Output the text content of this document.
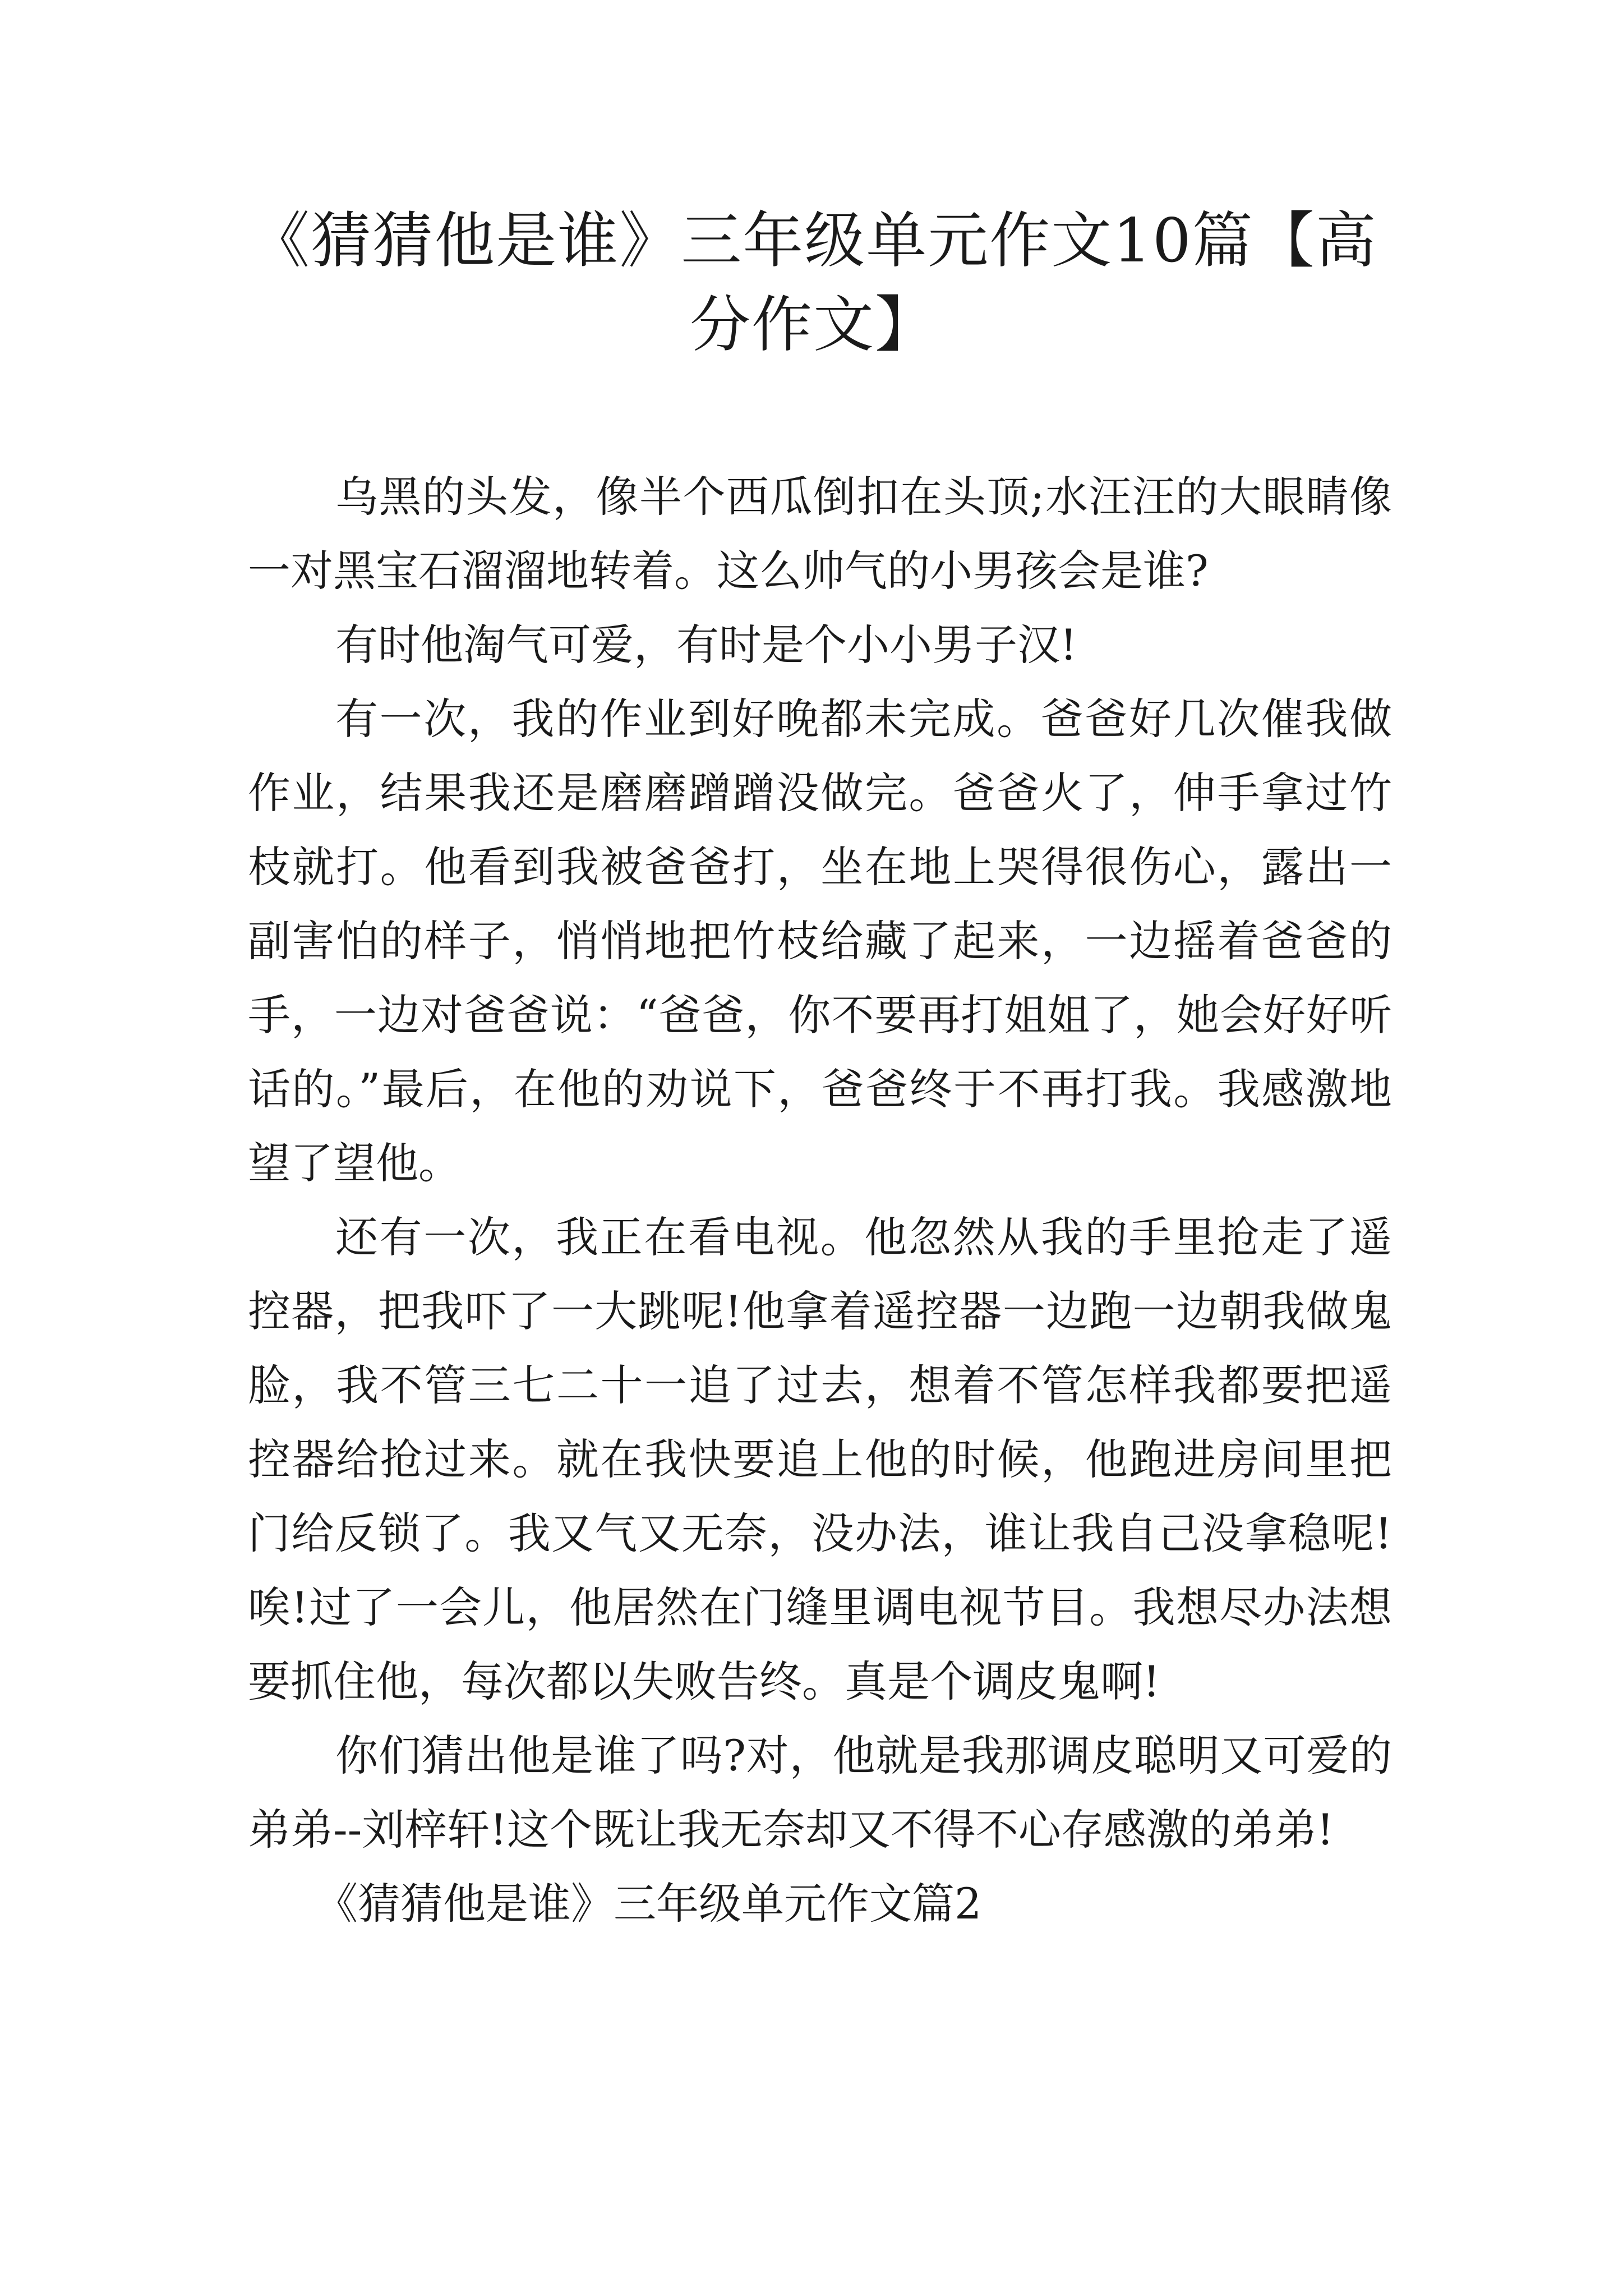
《猜猜他是谁》三年级单元作文10篇【高分作文】

乌黑的头发，像半个西瓜倒扣在头顶;水汪汪的大眼睛像一对黑宝石溜溜地转着。这么帅气的小男孩会是谁?

有时他淘气可爱，有时是个小小男子汉!

有一次，我的作业到好晚都未完成。爸爸好几次催我做作业，结果我还是磨磨蹭蹭没做完。爸爸火了，伸手拿过竹枝就打。他看到我被爸爸打，坐在地上哭得很伤心，露出一副害怕的样子，悄悄地把竹枝给藏了起来，一边摇着爸爸的手，一边对爸爸说：“爸爸，你不要再打姐姐了，她会好好听话的。”最后，在他的劝说下，爸爸终于不再打我。我感激地望了望他。

还有一次，我正在看电视。他忽然从我的手里抢走了遥控器，把我吓了一大跳呢!他拿着遥控器一边跑一边朝我做鬼脸，我不管三七二十一追了过去，想着不管怎样我都要把遥控器给抢过来。就在我快要追上他的时候，他跑进房间里把门给反锁了。我又气又无奈，没办法，谁让我自己没拿稳呢!唉!过了一会儿，他居然在门缝里调电视节目。我想尽办法想要抓住他，每次都以失败告终。真是个调皮鬼啊!

你们猜出他是谁了吗?对，他就是我那调皮聪明又可爱的弟弟--刘梓轩!这个既让我无奈却又不得不心存感激的弟弟!

《猜猜他是谁》三年级单元作文篇2
